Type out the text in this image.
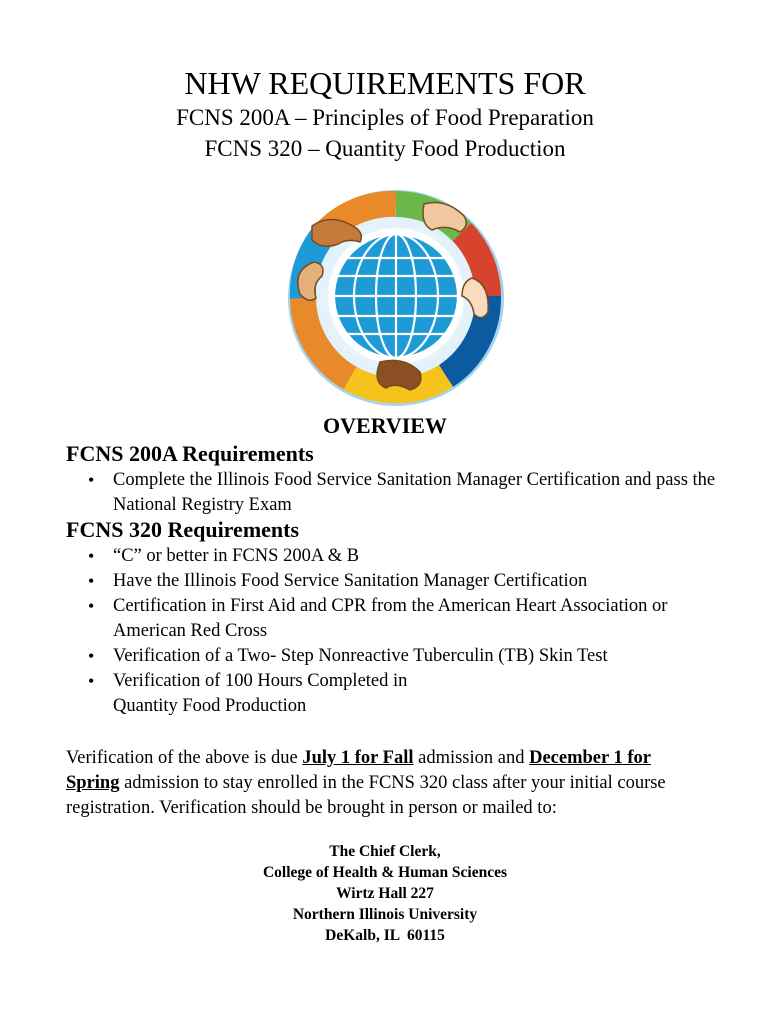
NHW REQUIREMENTS FOR
FCNS 200A – Principles of Food Preparation
FCNS 320 – Quantity Food Production
OVERVIEW
FCNS 200A Requirements
• Complete the Illinois Food Service Sanitation Manager Certification and pass the National Registry Exam
FCNS 320 Requirements
• “C” or better in FCNS 200A & B
• Have the Illinois Food Service Sanitation Manager Certification
• Certification in First Aid and CPR from the American Heart Association or American Red Cross
• Verification of a Two- Step Nonreactive Tuberculin (TB) Skin Test
• Verification of 100 Hours Completed in Quantity Food Production
Verification of the above is due July 1 for Fall admission and December 1 for Spring admission to stay enrolled in the FCNS 320 class after your initial course registration. Verification should be brought in person or mailed to:
The Chief Clerk,
College of Health & Human Sciences
Wirtz Hall 227
Northern Illinois University
DeKalb, IL  60115
